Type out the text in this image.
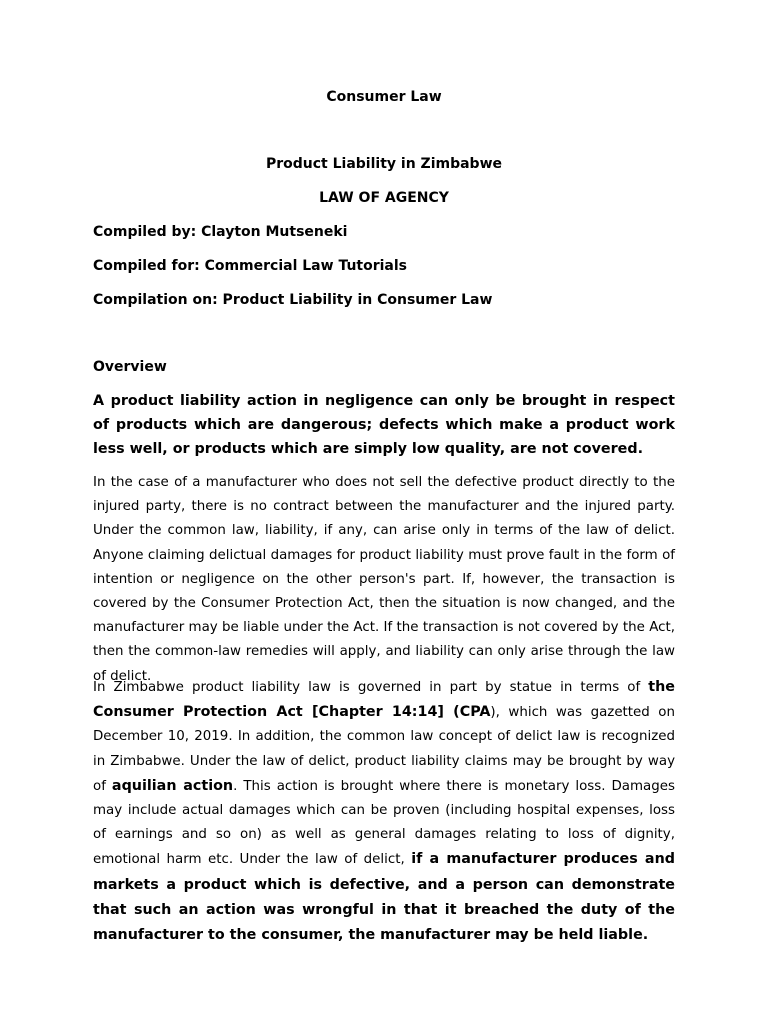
Consumer Law
Product Liability in Zimbabwe
LAW OF AGENCY
Compiled by: Clayton Mutseneki
Compiled for: Commercial Law Tutorials
Compilation on: Product Liability in Consumer Law
Overview

A product liability action in negligence can only be brought in respect of products which are dangerous; defects which make a product work less well, or products which are simply low quality, are not covered.

In the case of a manufacturer who does not sell the defective product directly to the injured party, there is no contract between the manufacturer and the injured party. Under the common law, liability, if any, can arise only in terms of the law of delict. Anyone claiming delictual damages for product liability must prove fault in the form of intention or negligence on the other person's part. If, however, the transaction is covered by the Consumer Protection Act, then the situation is now changed, and the manufacturer may be liable under the Act. If the transaction is not covered by the Act, then the common-law remedies will apply, and liability can only arise through the law of delict.

In Zimbabwe product liability law is governed in part by statue in terms of the Consumer Protection Act [Chapter 14:14] (CPA), which was gazetted on December 10, 2019. In addition, the common law concept of delict law is recognized in Zimbabwe. Under the law of delict, product liability claims may be brought by way of aquilian action. This action is brought where there is monetary loss. Damages may include actual damages which can be proven (including hospital expenses, loss of earnings and so on) as well as general damages relating to loss of dignity, emotional harm etc. Under the law of delict, if a manufacturer produces and markets a product which is defective, and a person can demonstrate that such an action was wrongful in that it breached the duty of the manufacturer to the consumer, the manufacturer may be held liable.
